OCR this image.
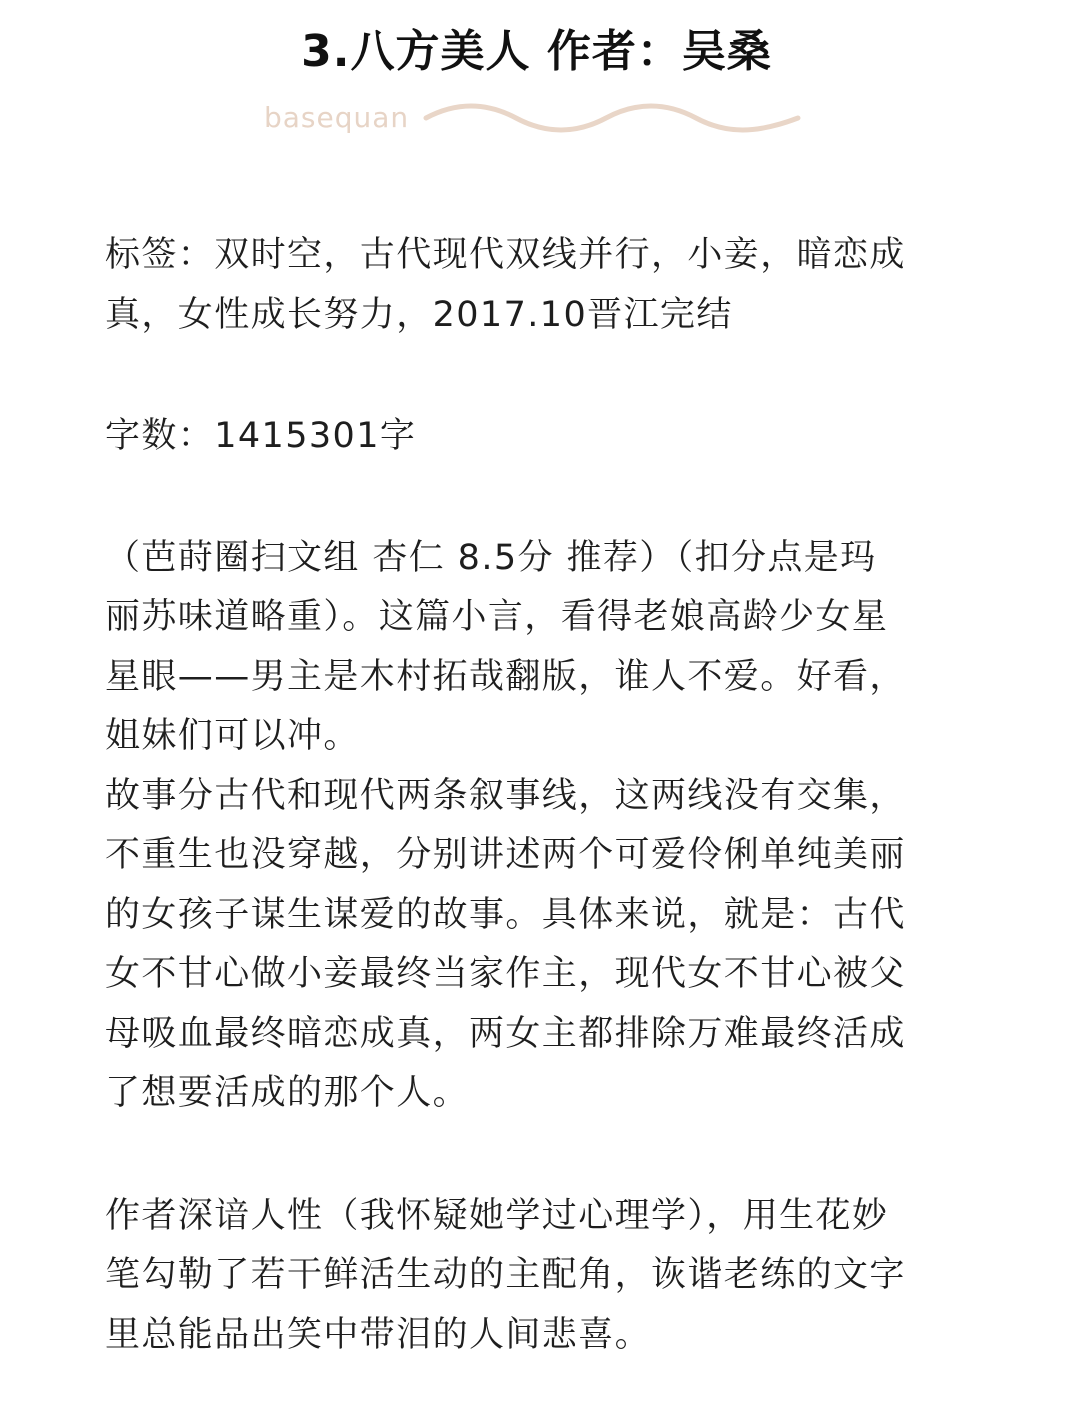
3.八方美人 作者：吴桑
basequan

标签：双时空，古代现代双线并行，小妾，暗恋成
真，女性成长努力，2017.10晋江完结

字数：1415301字

（芭莳圈扫文组 杏仁 8.5分 推荐）（扣分点是玛
丽苏味道略重）。这篇小言，看得老娘高龄少女星
星眼——男主是木村拓哉翻版，谁人不爱。好看，
姐妹们可以冲。
故事分古代和现代两条叙事线，这两线没有交集，
不重生也没穿越，分别讲述两个可爱伶俐单纯美丽
的女孩子谋生谋爱的故事。具体来说，就是：古代
女不甘心做小妾最终当家作主，现代女不甘心被父
母吸血最终暗恋成真，两女主都排除万难最终活成
了想要活成的那个人。

作者深谙人性（我怀疑她学过心理学），用生花妙
笔勾勒了若干鲜活生动的主配角，诙谐老练的文字
里总能品出笑中带泪的人间悲喜。
